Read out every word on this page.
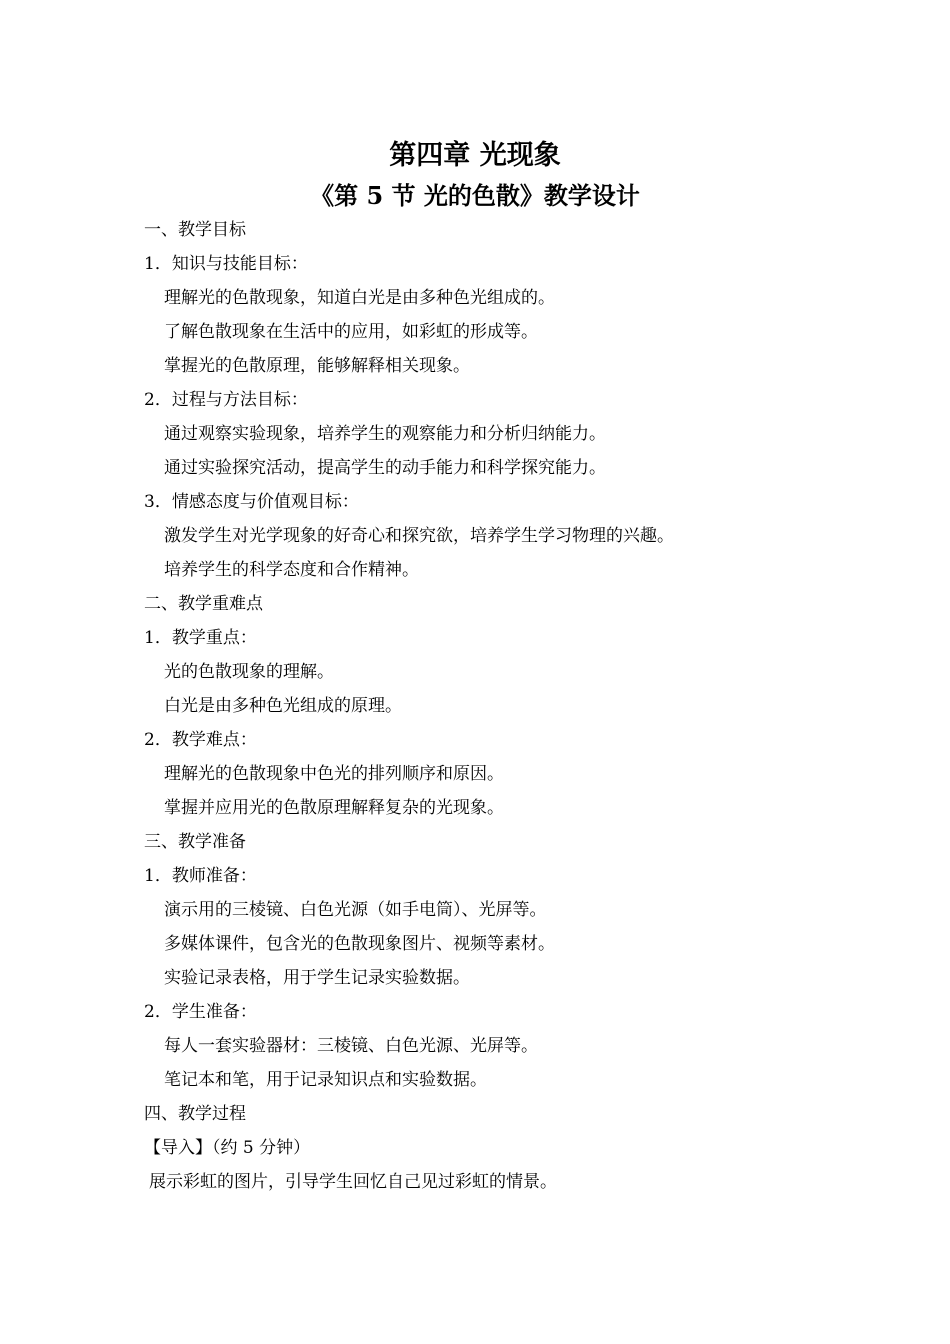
第四章 光现象
《第 5 节 光的色散》教学设计
一、教学目标
1．知识与技能目标：
理解光的色散现象，知道白光是由多种色光组成的。
了解色散现象在生活中的应用，如彩虹的形成等。
掌握光的色散原理，能够解释相关现象。
2．过程与方法目标：
通过观察实验现象，培养学生的观察能力和分析归纳能力。
通过实验探究活动，提高学生的动手能力和科学探究能力。
3．情感态度与价值观目标：
激发学生对光学现象的好奇心和探究欲，培养学生学习物理的兴趣。
培养学生的科学态度和合作精神。
二、教学重难点
1．教学重点：
光的色散现象的理解。
白光是由多种色光组成的原理。
2．教学难点：
理解光的色散现象中色光的排列顺序和原因。
掌握并应用光的色散原理解释复杂的光现象。
三、教学准备
1．教师准备：
演示用的三棱镜、白色光源（如手电筒）、光屏等。
多媒体课件，包含光的色散现象图片、视频等素材。
实验记录表格，用于学生记录实验数据。
2．学生准备：
每人一套实验器材：三棱镜、白色光源、光屏等。
笔记本和笔，用于记录知识点和实验数据。
四、教学过程
【导入】（约 5 分钟）
展示彩虹的图片，引导学生回忆自己见过彩虹的情景。
